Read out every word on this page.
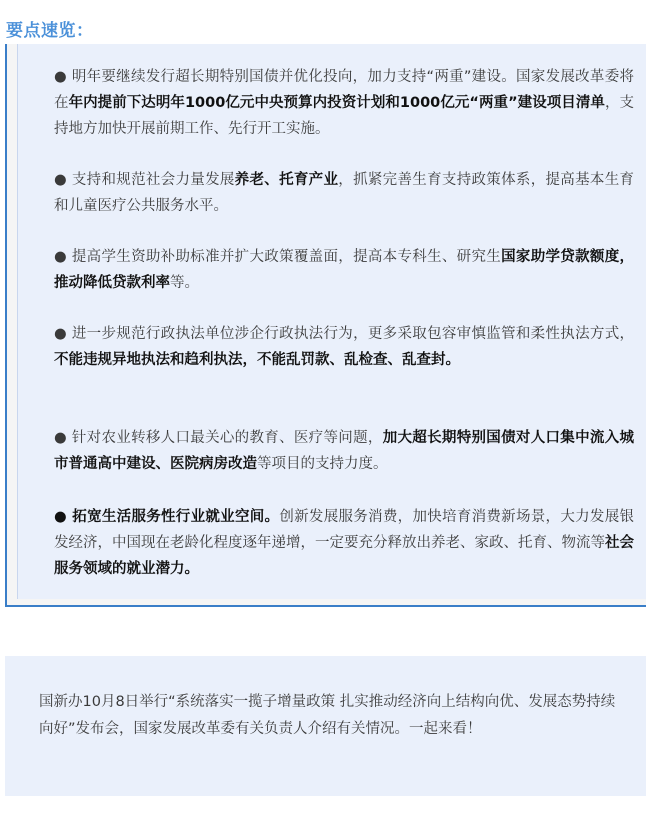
要点速览：
● 明年要继续发行超长期特别国债并优化投向，加力支持“两重”建设。国家发展改革委将在年内提前下达明年1000亿元中央预算内投资计划和1000亿元“两重”建设项目清单，支持地方加快开展前期工作、先行开工实施。
● 支持和规范社会力量发展养老、托育产业，抓紧完善生育支持政策体系，提高基本生育和儿童医疗公共服务水平。
● 提高学生资助补助标准并扩大政策覆盖面，提高本专科生、研究生国家助学贷款额度，推动降低贷款利率等。
● 进一步规范行政执法单位涉企行政执法行为，更多采取包容审慎监管和柔性执法方式，不能违规异地执法和趋利执法，不能乱罚款、乱检查、乱查封。
● 针对农业转移人口最关心的教育、医疗等问题，加大超长期特别国债对人口集中流入城市普通高中建设、医院病房改造等项目的支持力度。
● 拓宽生活服务性行业就业空间。创新发展服务消费，加快培育消费新场景，大力发展银发经济，中国现在老龄化程度逐年递增，一定要充分释放出养老、家政、托育、物流等社会服务领域的就业潜力。
国新办10月8日举行“系统落实一揽子增量政策 扎实推动经济向上结构向优、发展态势持续向好”发布会，国家发展改革委有关负责人介绍有关情况。一起来看！
